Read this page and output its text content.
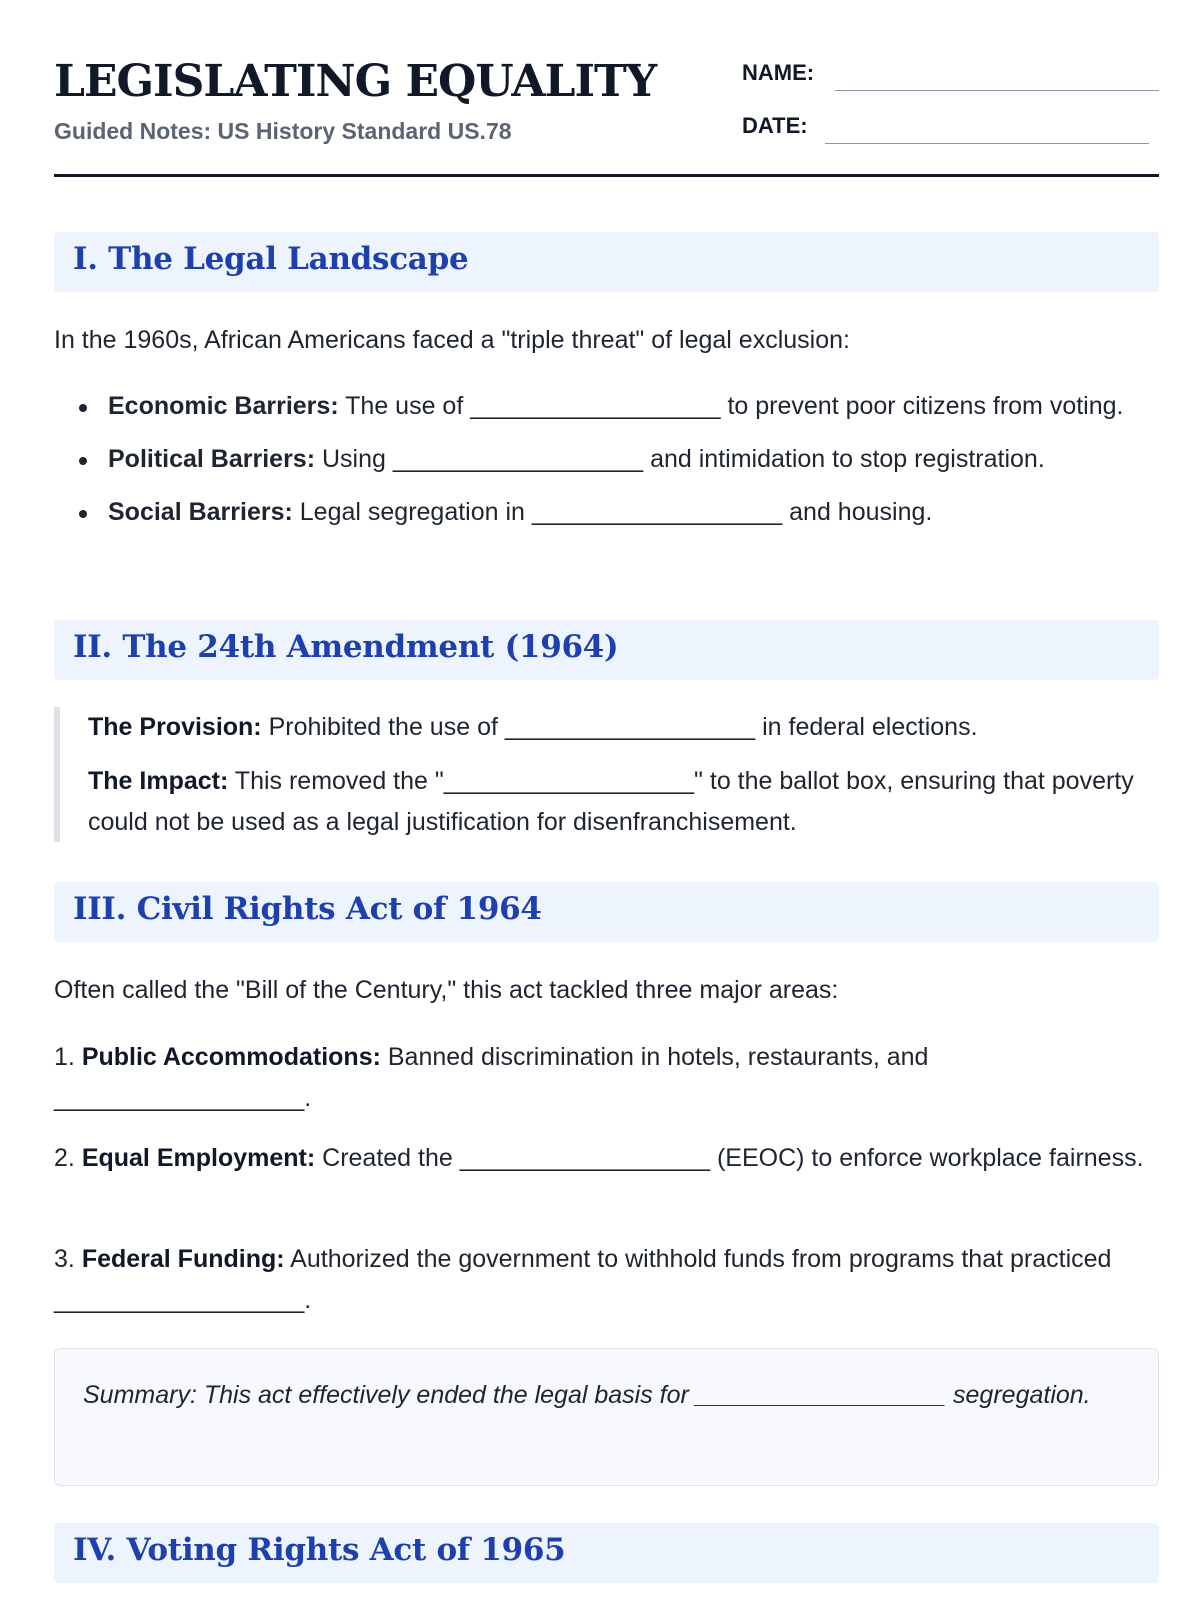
LEGISLATING EQUALITY
Guided Notes: US History Standard US.78
NAME:
DATE:
I. The Legal Landscape
In the 1960s, African Americans faced a "triple threat" of legal exclusion:
Economic Barriers: The use of __________________ to prevent poor citizens from voting.
Political Barriers: Using __________________ and intimidation to stop registration.
Social Barriers: Legal segregation in __________________ and housing.
II. The 24th Amendment (1964)
The Provision: Prohibited the use of __________________ in federal elections.
The Impact: This removed the "__________________" to the ballot box, ensuring that poverty could not be used as a legal justification for disenfranchisement.
III. Civil Rights Act of 1964
Often called the "Bill of the Century," this act tackled three major areas:
1. Public Accommodations: Banned discrimination in hotels, restaurants, and __________________.
2. Equal Employment: Created the __________________ (EEOC) to enforce workplace fairness.
3. Federal Funding: Authorized the government to withhold funds from programs that practiced __________________.
Summary: This act effectively ended the legal basis for __________________ segregation.
IV. Voting Rights Act of 1965
